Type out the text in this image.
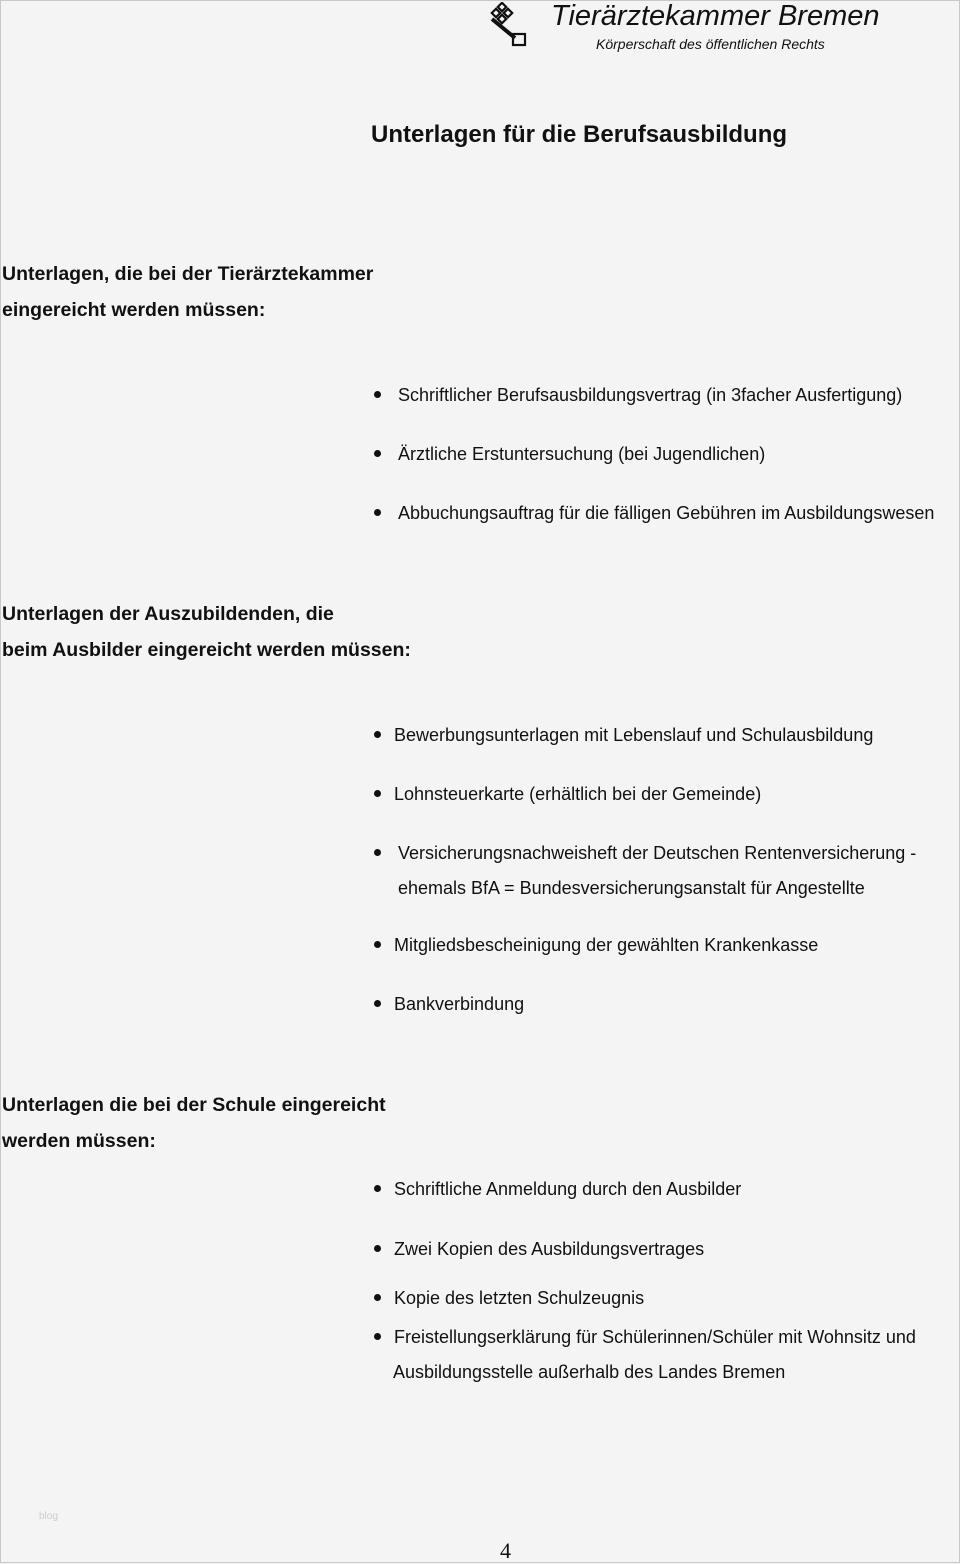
Tierärztekammer Bremen
Körperschaft des öffentlichen Rechts
Unterlagen für die Berufsausbildung
Unterlagen, die bei der Tierärztekammer
eingereicht werden müssen:
Schriftlicher Berufsausbildungsvertrag (in 3facher Ausfertigung)
Ärztliche Erstuntersuchung (bei Jugendlichen)
Abbuchungsauftrag für die fälligen Gebühren im Ausbildungswesen
Unterlagen der Auszubildenden, die
beim Ausbilder eingereicht werden müssen:
Bewerbungsunterlagen mit Lebenslauf und Schulausbildung
Lohnsteuerkarte (erhältlich bei der Gemeinde)
Versicherungsnachweisheft der Deutschen Rentenversicherung -
ehemals BfA = Bundesversicherungsanstalt für Angestellte
Mitgliedsbescheinigung der gewählten Krankenkasse
Bankverbindung
Unterlagen die bei der Schule eingereicht
werden müssen:
Schriftliche Anmeldung durch den Ausbilder
Zwei Kopien des Ausbildungsvertrages
Kopie des letzten Schulzeugnis
Freistellungserklärung für Schülerinnen/Schüler mit Wohnsitz und
Ausbildungsstelle außerhalb des Landes Bremen
blog
4
